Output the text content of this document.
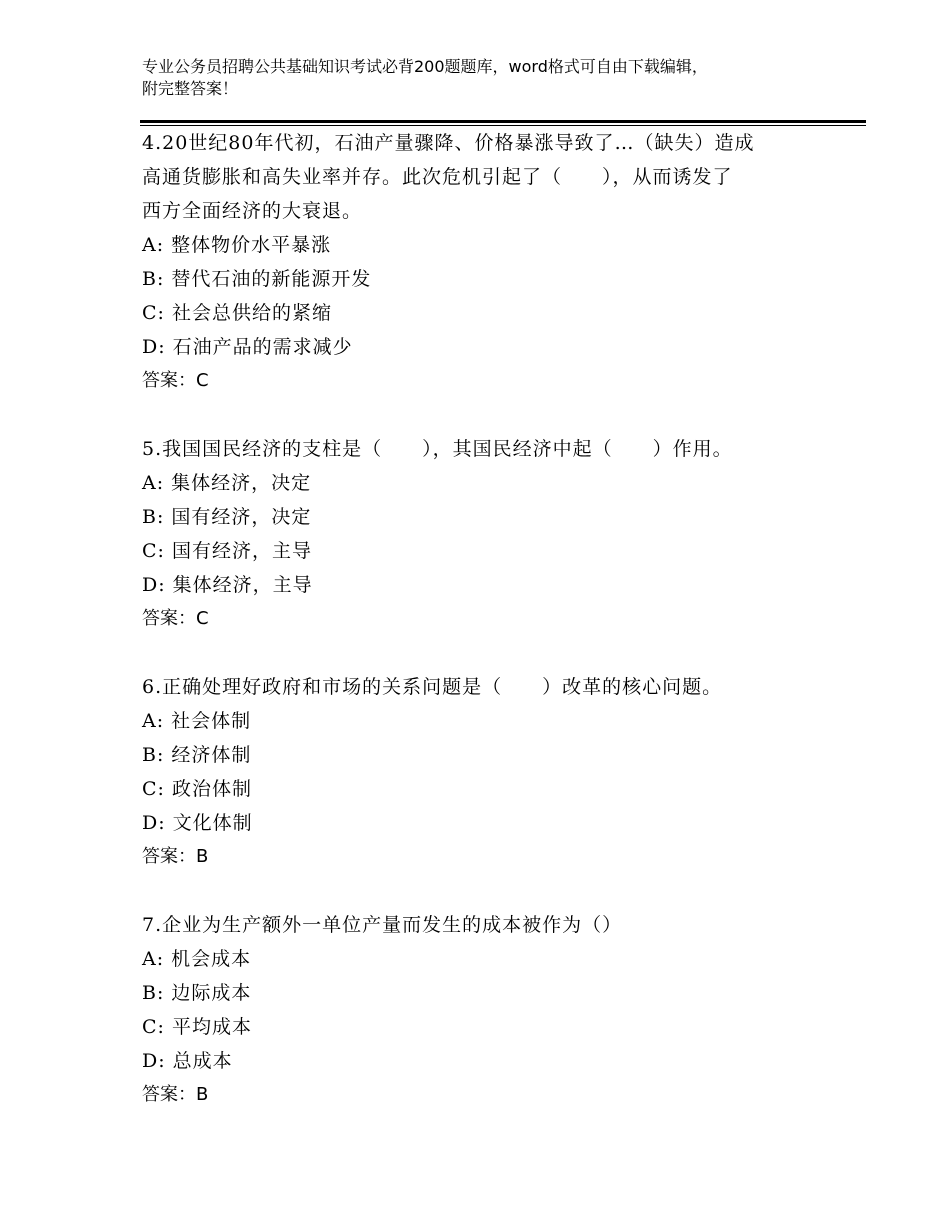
专业公务员招聘公共基础知识考试必背200题题库，word格式可自由下载编辑，
附完整答案！
4.20世纪80年代初，石油产量骤降、价格暴涨导致了…（缺失）造成
高通货膨胀和高失业率并存。此次危机引起了（　　），从而诱发了
西方全面经济的大衰退。
A: 整体物价水平暴涨
B: 替代石油的新能源开发
C: 社会总供给的紧缩
D: 石油产品的需求减少
答案：C
5.我国国民经济的支柱是（　　），其国民经济中起（　　）作用。
A: 集体经济，决定
B: 国有经济，决定
C: 国有经济，主导
D: 集体经济，主导
答案：C
6.正确处理好政府和市场的关系问题是（　　）改革的核心问题。
A: 社会体制
B: 经济体制
C: 政治体制
D: 文化体制
答案：B
7.企业为生产额外一单位产量而发生的成本被作为（）
A: 机会成本
B: 边际成本
C: 平均成本
D: 总成本
答案：B
